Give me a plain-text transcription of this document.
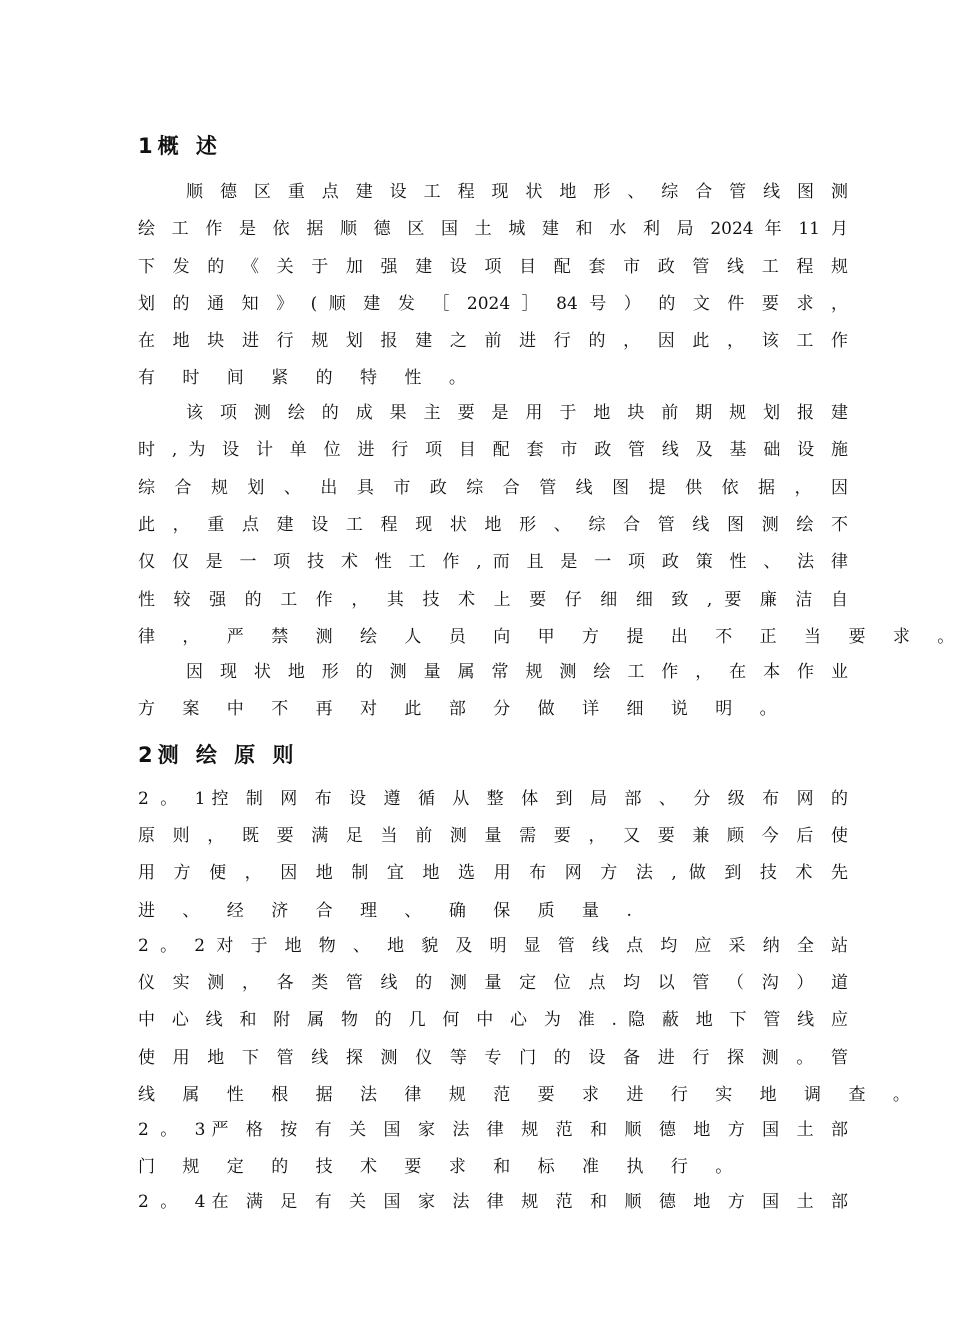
1概 述
顺 德 区 重 点 建 设 工 程 现 状 地 形 、 综 合 管 线 图 测
绘 工 作 是 依 据 顺 德 区 国 土 城 建 和 水 利 局 2024 年 11 月
下 发 的 《 关 于 加 强 建 设 项 目 配 套 市 政 管 线 工 程 规
划 的 通 知 》 ( 顺 建 发 ［ 2024 ］ 84 号 ） 的 文 件 要 求 ，
在 地 块 进 行 规 划 报 建 之 前 进 行 的 ， 因 此 ， 该 工 作
有 时 间 紧 的 特 性 。
该 项 测 绘 的 成 果 主 要 是 用 于 地 块 前 期 规 划 报 建
时 , 为 设 计 单 位 进 行 项 目 配 套 市 政 管 线 及 基 础 设 施
综 合 规 划 、 出 具 市 政 综 合 管 线 图 提 供 依 据 ， 因
此 ， 重 点 建 设 工 程 现 状 地 形 、 综 合 管 线 图 测 绘 不
仅 仅 是 一 项 技 术 性 工 作 , 而 且 是 一 项 政 策 性 、 法 律
性 较 强 的 工 作 ， 其 技 术 上 要 仔 细 细 致 , 要 廉 洁 自
律 ， 严 禁 测 绘 人 员 向 甲 方 提 出 不 正 当 要 求 。
因 现 状 地 形 的 测 量 属 常 规 测 绘 工 作 ， 在 本 作 业
方 案 中 不 再 对 此 部 分 做 详 细 说 明 。
2测 绘 原 则
2 。 1控 制 网 布 设 遵 循 从 整 体 到 局 部 、 分 级 布 网 的
原 则 ， 既 要 满 足 当 前 测 量 需 要 ， 又 要 兼 顾 今 后 使
用 方 便 ， 因 地 制 宜 地 选 用 布 网 方 法 , 做 到 技 术 先
进 、 经 济 合 理 、 确 保 质 量 .
2 。 2 对 于 地 物 、 地 貌 及 明 显 管 线 点 均 应 采 纳 全 站
仪 实 测 ， 各 类 管 线 的 测 量 定 位 点 均 以 管 （ 沟 ） 道
中 心 线 和 附 属 物 的 几 何 中 心 为 准 . 隐 蔽 地 下 管 线 应
使 用 地 下 管 线 探 测 仪 等 专 门 的 设 备 进 行 探 测 。 管
线 属 性 根 据 法 律 规 范 要 求 进 行 实 地 调 查 。
2 。 3严 格 按 有 关 国 家 法 律 规 范 和 顺 德 地 方 国 土 部
门 规 定 的 技 术 要 求 和 标 准 执 行 。
2 。 4在 满 足 有 关 国 家 法 律 规 范 和 顺 德 地 方 国 土 部
